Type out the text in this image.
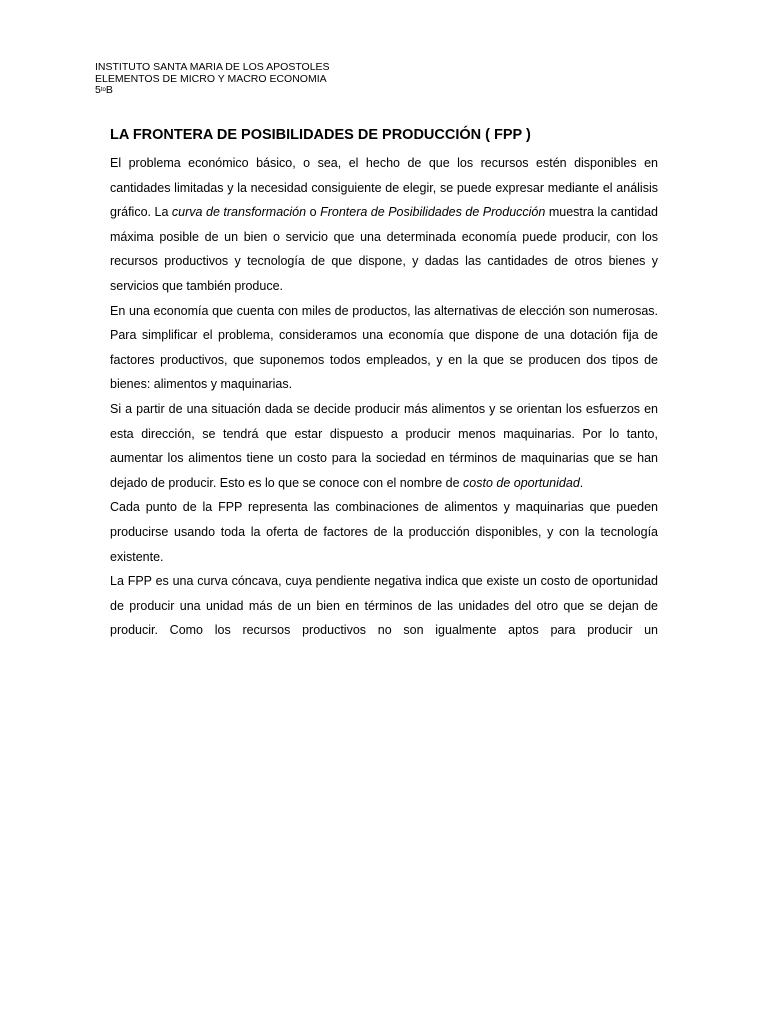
INSTITUTO SANTA MARIA DE LOS APOSTOLES
ELEMENTOS DE MICRO Y MACRO ECONOMIA
$5^{to}B$
LA FRONTERA DE POSIBILIDADES DE PRODUCCIÓN ( FPP )

El problema económico básico, o sea, el hecho de que los recursos estén disponibles en cantidades limitadas y la necesidad consiguiente de elegir, se puede expresar mediante el análisis gráfico. La curva de transformación o Frontera de Posibilidades de Producción muestra la cantidad máxima posible de un bien o servicio que una determinada economía puede producir, con los recursos productivos y tecnología de que dispone, y dadas las cantidades de otros bienes y servicios que también produce.

En una economía que cuenta con miles de productos, las alternativas de elección son numerosas. Para simplificar el problema, consideramos una economía que dispone de una dotación fija de factores productivos, que suponemos todos empleados, y en la que se producen dos tipos de bienes: alimentos y maquinarias.

Si a partir de una situación dada se decide producir más alimentos y se orientan los esfuerzos en esta dirección, se tendrá que estar dispuesto a producir menos maquinarias. Por lo tanto, aumentar los alimentos tiene un costo para la sociedad en términos de maquinarias que se han dejado de producir. Esto es lo que se conoce con el nombre de costo de oportunidad.

Cada punto de la FPP representa las combinaciones de alimentos y maquinarias que pueden producirse usando toda la oferta de factores de la producción disponibles, y con la tecnología existente.

La FPP es una curva cóncava, cuya pendiente negativa indica que existe un costo de oportunidad de producir una unidad más de un bien en términos de las unidades del otro que se dejan de producir. Como los recursos productivos no son igualmente aptos para producir un
